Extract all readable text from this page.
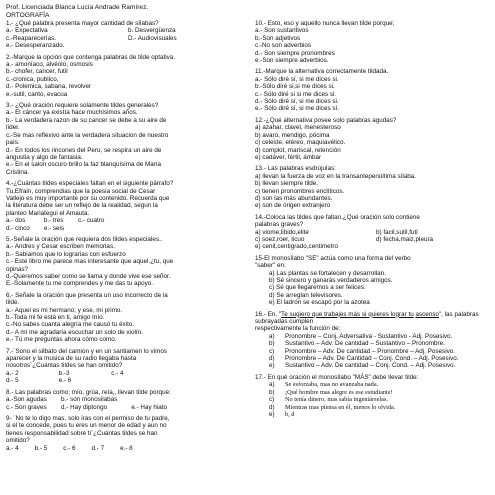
Prof. Licenciada Blanca Lucía Andrade Ramírez.
ORTOGRAFÍA

1.- ¿Qué palabra presenta mayor cantidad de sílabas?

a.- Expectativa	b. Desvergüenza
c.-Reaparecerías.	D.- Audiovisuales

e.- Desesperanzado.

2.-Marque la opción que contenga palabras de tilde optativa.

a.- amoníaco, alvéolo, osmosis

b.- chofer, cancer, futil

c.-cronica, publico,

d.- Polemica, sabana, revolver

e.-sutil, canto, evacua

3.- ¿Qué oración requiere solamente tildes generales?

a.- El cáncer ya existía hace muchísimos años.

b.- La verdadera razon de su cancer se debe a su aire de

líder.

c.-Se mas reflexivo ante la verdadera situacion de nuestro

país.

d.- En todos los rincones del Peru, se respira un aire de

angustia y algo de fantasia.

e.- En el salon oscuro brillo la faz blanquísima de María

Cristina.

4.-¿Cuántas tildes especiales faltan en el siguiente párrafo?

Tu,Efrain, comprendias que la poesia social de Cesar

Vallejo es muy importante por su contenido. Recuerda que

la literatura debe ser un reflejo de la realidad, segun la

planteo Mariategui el Amauta.

a.- dos	b.- tres c.- cuatro
d.- cinco e.- seis

5.-Señale la oración que requiera dos tildes especiales..

a.- Andres y Cesar escriben memorias.

b.- Sabiamos que lo lograrias con esfuerzo

c.- Este libro me parece mas interesante que aquel.¿tu, que

opinas?

d.-Queremos saber como se llama y donde vive ese señor.

E.-Solamente tu me comprendes y me das tu apoyo.

6.- Señale la oración que presenta un uso incorrecto de la

tilde.

a.- Aquel es mi hermano; y ese, mi primo.

b.-Toda mi fe está en ti, amigo mío.

c.-No sabes cuanta alegría me causó tu éxito.

d.- A mí me agradaría escuchar un solo de violín.

e.- Tú me preguntas ahora cómo como.

7.-¨Sono el silbato del camion y en un santiamen lo vimos

aparecer y la musica de su radio llegaba hasta

nosotros¨¿Cuántas tildes se han omitido?

a.- 2	b.-3	c.- 4
d.- 5	e.- 6

8.- Las palabras como; mío, grúa, reía,, llevan tilde porque:

a.-Son agudas b.- son monosilabas
c.- Son graves d.- Hay diptongo	e.- Hay hiato

9- ¨No te lo digo mas, solo iras con el permiso de tu padre,

si el te concede, pues tu eres un menor de edad y aun no

tienes responsabilidad sobre ti¨¿Cuántas tildes se han

omitido?

a.- 4	b.- 5	c.- 6	d.- 7	e.- 8

10.- Esto, eso y aquello nunca llevan tilde porque;

a.- Son sustantivos

b.-Son adjetivos

c.-No son adverbios

d.- Son siempre pronombres

e.-Son siempre adverbios.

11.-Marque la alternativa correctamente tildada.

a.- Sólo diré sí, si me dices si.

b.-Sólo diré si,si me dices si.

c.- Sólo diré si si me dices si.

d.- Sólo diré sí, si me dices si.

e.- Sólo diré sí, si me dices sí.

12.-¿Qué alternativa posee solo palabras agudas?

a) azahar, clavel, menesteroso

b) avaro, mendigo, pócima

c) celeste, etéreo, maquiavélico.

d) complot, mariscal, retención

e) cadáver, fértil, ámbar

13.- Las palabras esdrújulas:

a) llevan la fuerza de voz en la transantepenúltima sílaba.

b) llevan siempre tilde.

c) tienen pronombres enclíticos.

d) son las más abundantes.

e) son de origen extranjero

14.-Coloca las tildes que faltan.¿Qué oración solo contiene

palabras graves?

a) viome,libido,elite	b) facil,sutil,futl
c) soez,roer, licuo	d) fecha,maiz,pleura

e) cenit,centigrado,centimetro

15-El monosílabo "SE" actúa como una forma del verbo

"saber" en:

a) Las plantas se fortalecen y desarrollan.

b) Sé sincero y ganarás verdaderos amigos.

c) Sé que llegaremos a ser felices.

d) Se arreglan televisores.

e) El ladrón se escapó por la azotea

16.- En, "Te sugiero que trabajes más si quieres lograr tu ascenso", las palabras subrayadas cumplen

respectivamente la función de:

a)	Pronombre – Conj. Adversativa - Sustantivo - Adj. Posesivo.
b)	Sustantivo – Adv. De cantidad – Sustantivo – Pronombre.
c)	Pronombre – Adv. De cantidad – Pronombre – Adj. Posesivo.
d)	Pronombre – Adv. De Cantidad – Conj. Cond. – Adj. Posesivo.
e)	Sustantivo – Adv. De cantidad – Conj. Cond. – Adj. Posesivo.

17.- En qué oración el monosílabo "MÁS" debe llevar tilde:

a)	Se esforzaba, mas no avanzaba nada.
b)	¡Qué hombre mas alegre es ese estudiante!
c)	No tenía dinero, mas sabía ingeniárselas.
d)	Mientras mas piensa en él, menos lo olvida.
e)	b, d
